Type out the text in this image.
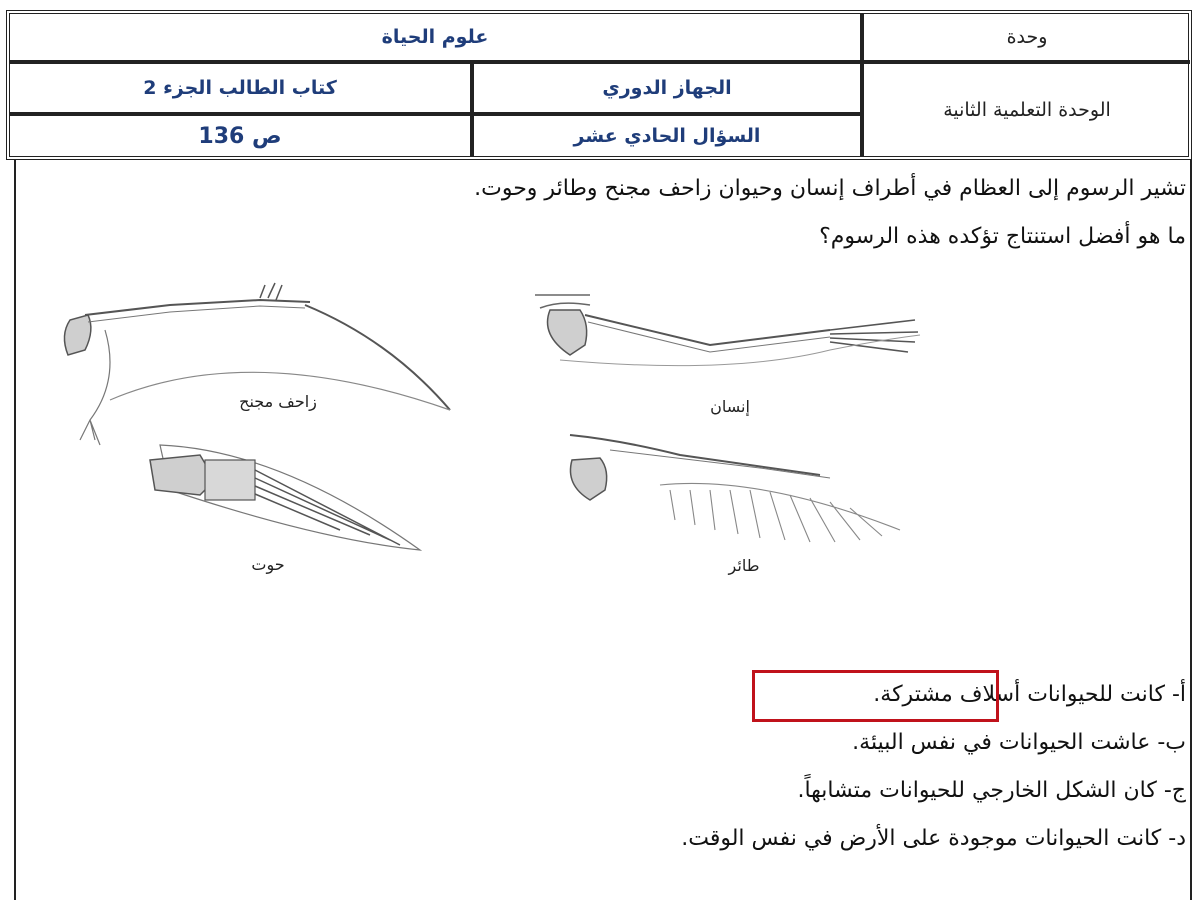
وحدة
علوم الحياة
الوحدة التعلمية الثانية
الجهاز الدوري
كتاب الطالب الجزء 2
السؤال الحادي عشر
ص 136
تشير الرسوم إلى العظام في أطراف إنسان وحيوان زاحف مجنح وطائر وحوت.
ما هو أفضل استنتاج تؤكده هذه الرسوم؟
زاحف مجنح	إنسان
حوت	طائر
أ- كانت للحيوانات أسلاف مشتركة.
ب- عاشت الحيوانات في نفس البيئة.
ج- كان الشكل الخارجي للحيوانات متشابهاً.
د- كانت الحيوانات موجودة على الأرض في نفس الوقت.
